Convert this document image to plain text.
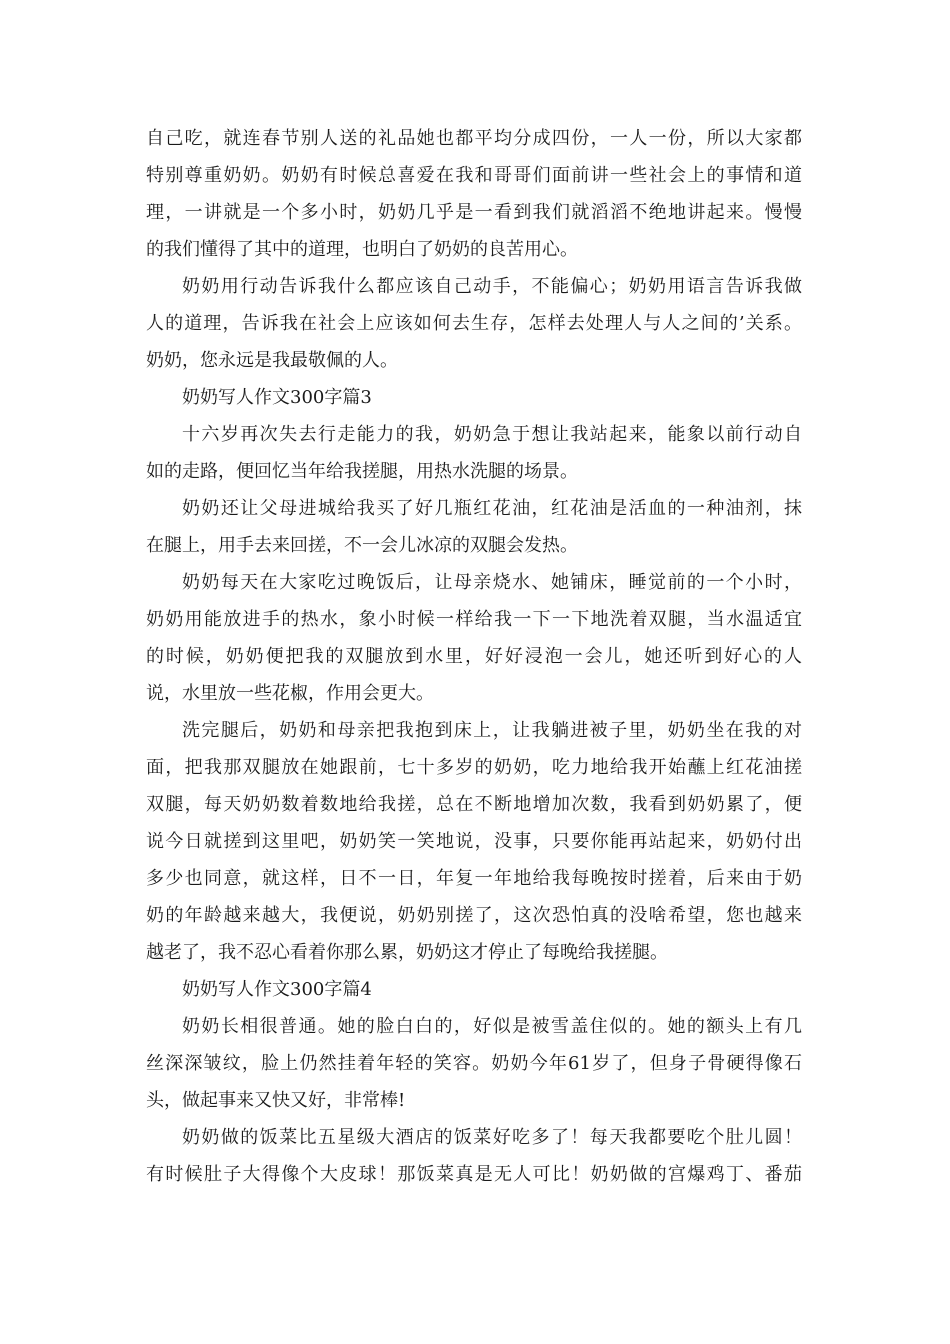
自己吃，就连春节别人送的礼品她也都平均分成四份，一人一份，所以大家都
特别尊重奶奶。奶奶有时候总喜爱在我和哥哥们面前讲一些社会上的事情和道
理，一讲就是一个多小时，奶奶几乎是一看到我们就滔滔不绝地讲起来。慢慢
的我们懂得了其中的道理，也明白了奶奶的良苦用心。
奶奶用行动告诉我什么都应该自己动手，不能偏心；奶奶用语言告诉我做
人的道理，告诉我在社会上应该如何去生存，怎样去处理人与人之间的’关系。
奶奶，您永远是我最敬佩的人。
奶奶写人作文300字篇3
十六岁再次失去行走能力的我，奶奶急于想让我站起来，能象以前行动自
如的走路，便回忆当年给我搓腿，用热水洗腿的场景。
奶奶还让父母进城给我买了好几瓶红花油，红花油是活血的一种油剂，抹
在腿上，用手去来回搓，不一会儿冰凉的双腿会发热。
奶奶每天在大家吃过晚饭后，让母亲烧水、她铺床，睡觉前的一个小时，
奶奶用能放进手的热水，象小时候一样给我一下一下地洗着双腿，当水温适宜
的时候，奶奶便把我的双腿放到水里，好好浸泡一会儿，她还听到好心的人
说，水里放一些花椒，作用会更大。
洗完腿后，奶奶和母亲把我抱到床上，让我躺进被子里，奶奶坐在我的对
面，把我那双腿放在她跟前，七十多岁的奶奶，吃力地给我开始蘸上红花油搓
双腿，每天奶奶数着数地给我搓，总在不断地增加次数，我看到奶奶累了，便
说今日就搓到这里吧，奶奶笑一笑地说，没事，只要你能再站起来，奶奶付出
多少也同意，就这样，日不一日，年复一年地给我每晚按时搓着，后来由于奶
奶的年龄越来越大，我便说，奶奶别搓了，这次恐怕真的没啥希望，您也越来
越老了，我不忍心看着你那么累，奶奶这才停止了每晚给我搓腿。
奶奶写人作文300字篇4
奶奶长相很普通。她的脸白白的，好似是被雪盖住似的。她的额头上有几
丝深深皱纹，脸上仍然挂着年轻的笑容。奶奶今年61岁了，但身子骨硬得像石
头，做起事来又快又好，非常棒!
奶奶做的饭菜比五星级大酒店的饭菜好吃多了！每天我都要吃个肚儿圆！
有时候肚子大得像个大皮球！那饭菜真是无人可比！奶奶做的宫爆鸡丁、番茄
